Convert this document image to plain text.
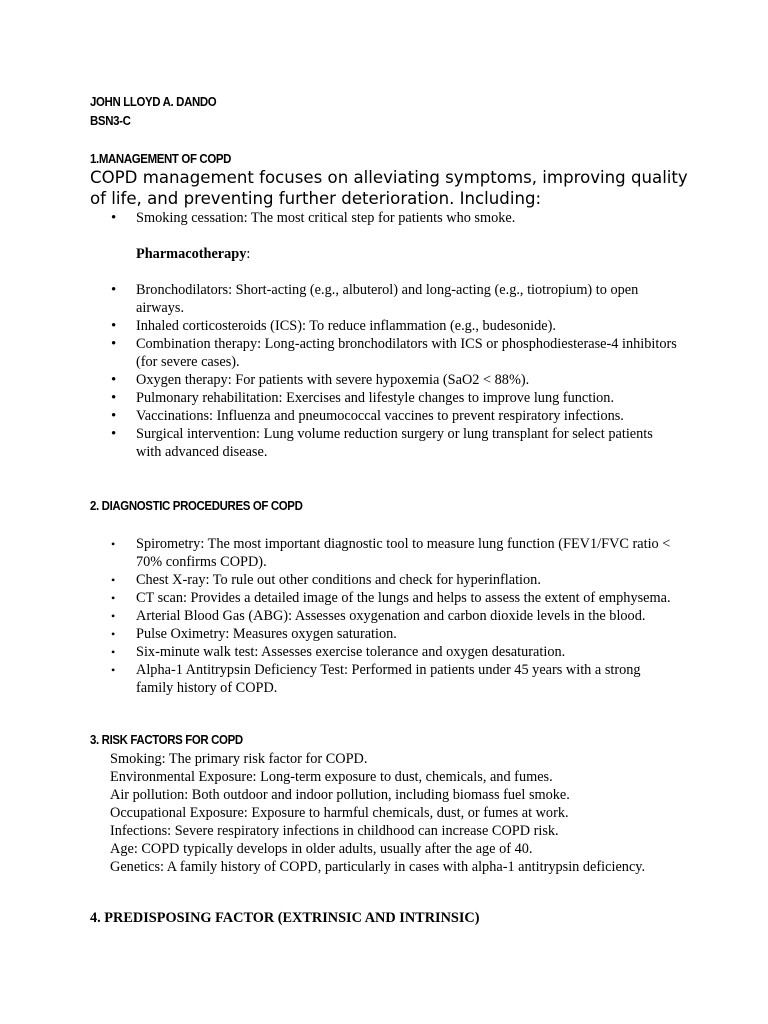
JOHN LLOYD A. DANDO
BSN3-C
1.MANAGEMENT OF COPD
COPD management focuses on alleviating symptoms, improving quality of life, and preventing further deterioration. Including:
• Smoking cessation: The most critical step for patients who smoke.
Pharmacotherapy:
• Bronchodilators: Short-acting (e.g., albuterol) and long-acting (e.g., tiotropium) to open airways.
• Inhaled corticosteroids (ICS): To reduce inflammation (e.g., budesonide).
• Combination therapy: Long-acting bronchodilators with ICS or phosphodiesterase-4 inhibitors (for severe cases).
• Oxygen therapy: For patients with severe hypoxemia (SaO2 < 88%).
• Pulmonary rehabilitation: Exercises and lifestyle changes to improve lung function.
• Vaccinations: Influenza and pneumococcal vaccines to prevent respiratory infections.
• Surgical intervention: Lung volume reduction surgery or lung transplant for select patients with advanced disease.
2. DIAGNOSTIC PROCEDURES OF COPD
• Spirometry: The most important diagnostic tool to measure lung function (FEV1/FVC ratio < 70% confirms COPD).
• Chest X-ray: To rule out other conditions and check for hyperinflation.
• CT scan: Provides a detailed image of the lungs and helps to assess the extent of emphysema.
• Arterial Blood Gas (ABG): Assesses oxygenation and carbon dioxide levels in the blood.
• Pulse Oximetry: Measures oxygen saturation.
• Six-minute walk test: Assesses exercise tolerance and oxygen desaturation.
• Alpha-1 Antitrypsin Deficiency Test: Performed in patients under 45 years with a strong family history of COPD.
3. RISK FACTORS FOR COPD
Smoking: The primary risk factor for COPD.
Environmental Exposure: Long-term exposure to dust, chemicals, and fumes.
Air pollution: Both outdoor and indoor pollution, including biomass fuel smoke.
Occupational Exposure: Exposure to harmful chemicals, dust, or fumes at work.
Infections: Severe respiratory infections in childhood can increase COPD risk.
Age: COPD typically develops in older adults, usually after the age of 40.
Genetics: A family history of COPD, particularly in cases with alpha-1 antitrypsin deficiency.
4. PREDISPOSING FACTOR (EXTRINSIC AND INTRINSIC)
